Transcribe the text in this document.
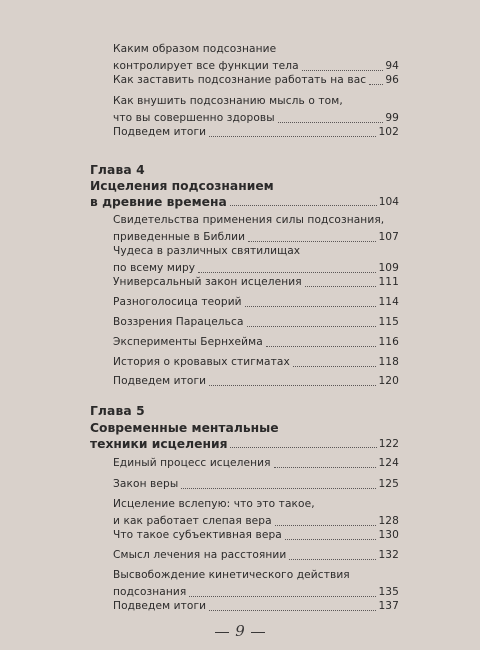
Каким образом подсознание
контролирует все функции тела	94
Как заставить подсознание работать на вас 96
Как внушить подсознанию мысль о том,
что вы совершенно здоровы	99
Подведем итоги	102
Глава 4
Исцеления подсознанием
в древние времена	104
Свидетельства применения силы подсознания,
приведенные в Библии	107
Чудеса в различных святилищах
по всему миру	109
Универсальный закон исцеления	111
Разноголосица теорий	114
Воззрения Парацельса	115
Эксперименты Бернхейма	116
История о кровавых стигматах	118
Подведем итоги	120
Глава 5
Современные ментальные
техники исцеления	122
Единый процесс исцеления	124
Закон веры	125
Исцеление вслепую: что это такое,
и как работает слепая вера	128
Что такое субъективная вера	130
Смысл лечения на расстоянии	132
Высвобождение кинетического действия
подсознания	135
Подведем итоги	137
9
